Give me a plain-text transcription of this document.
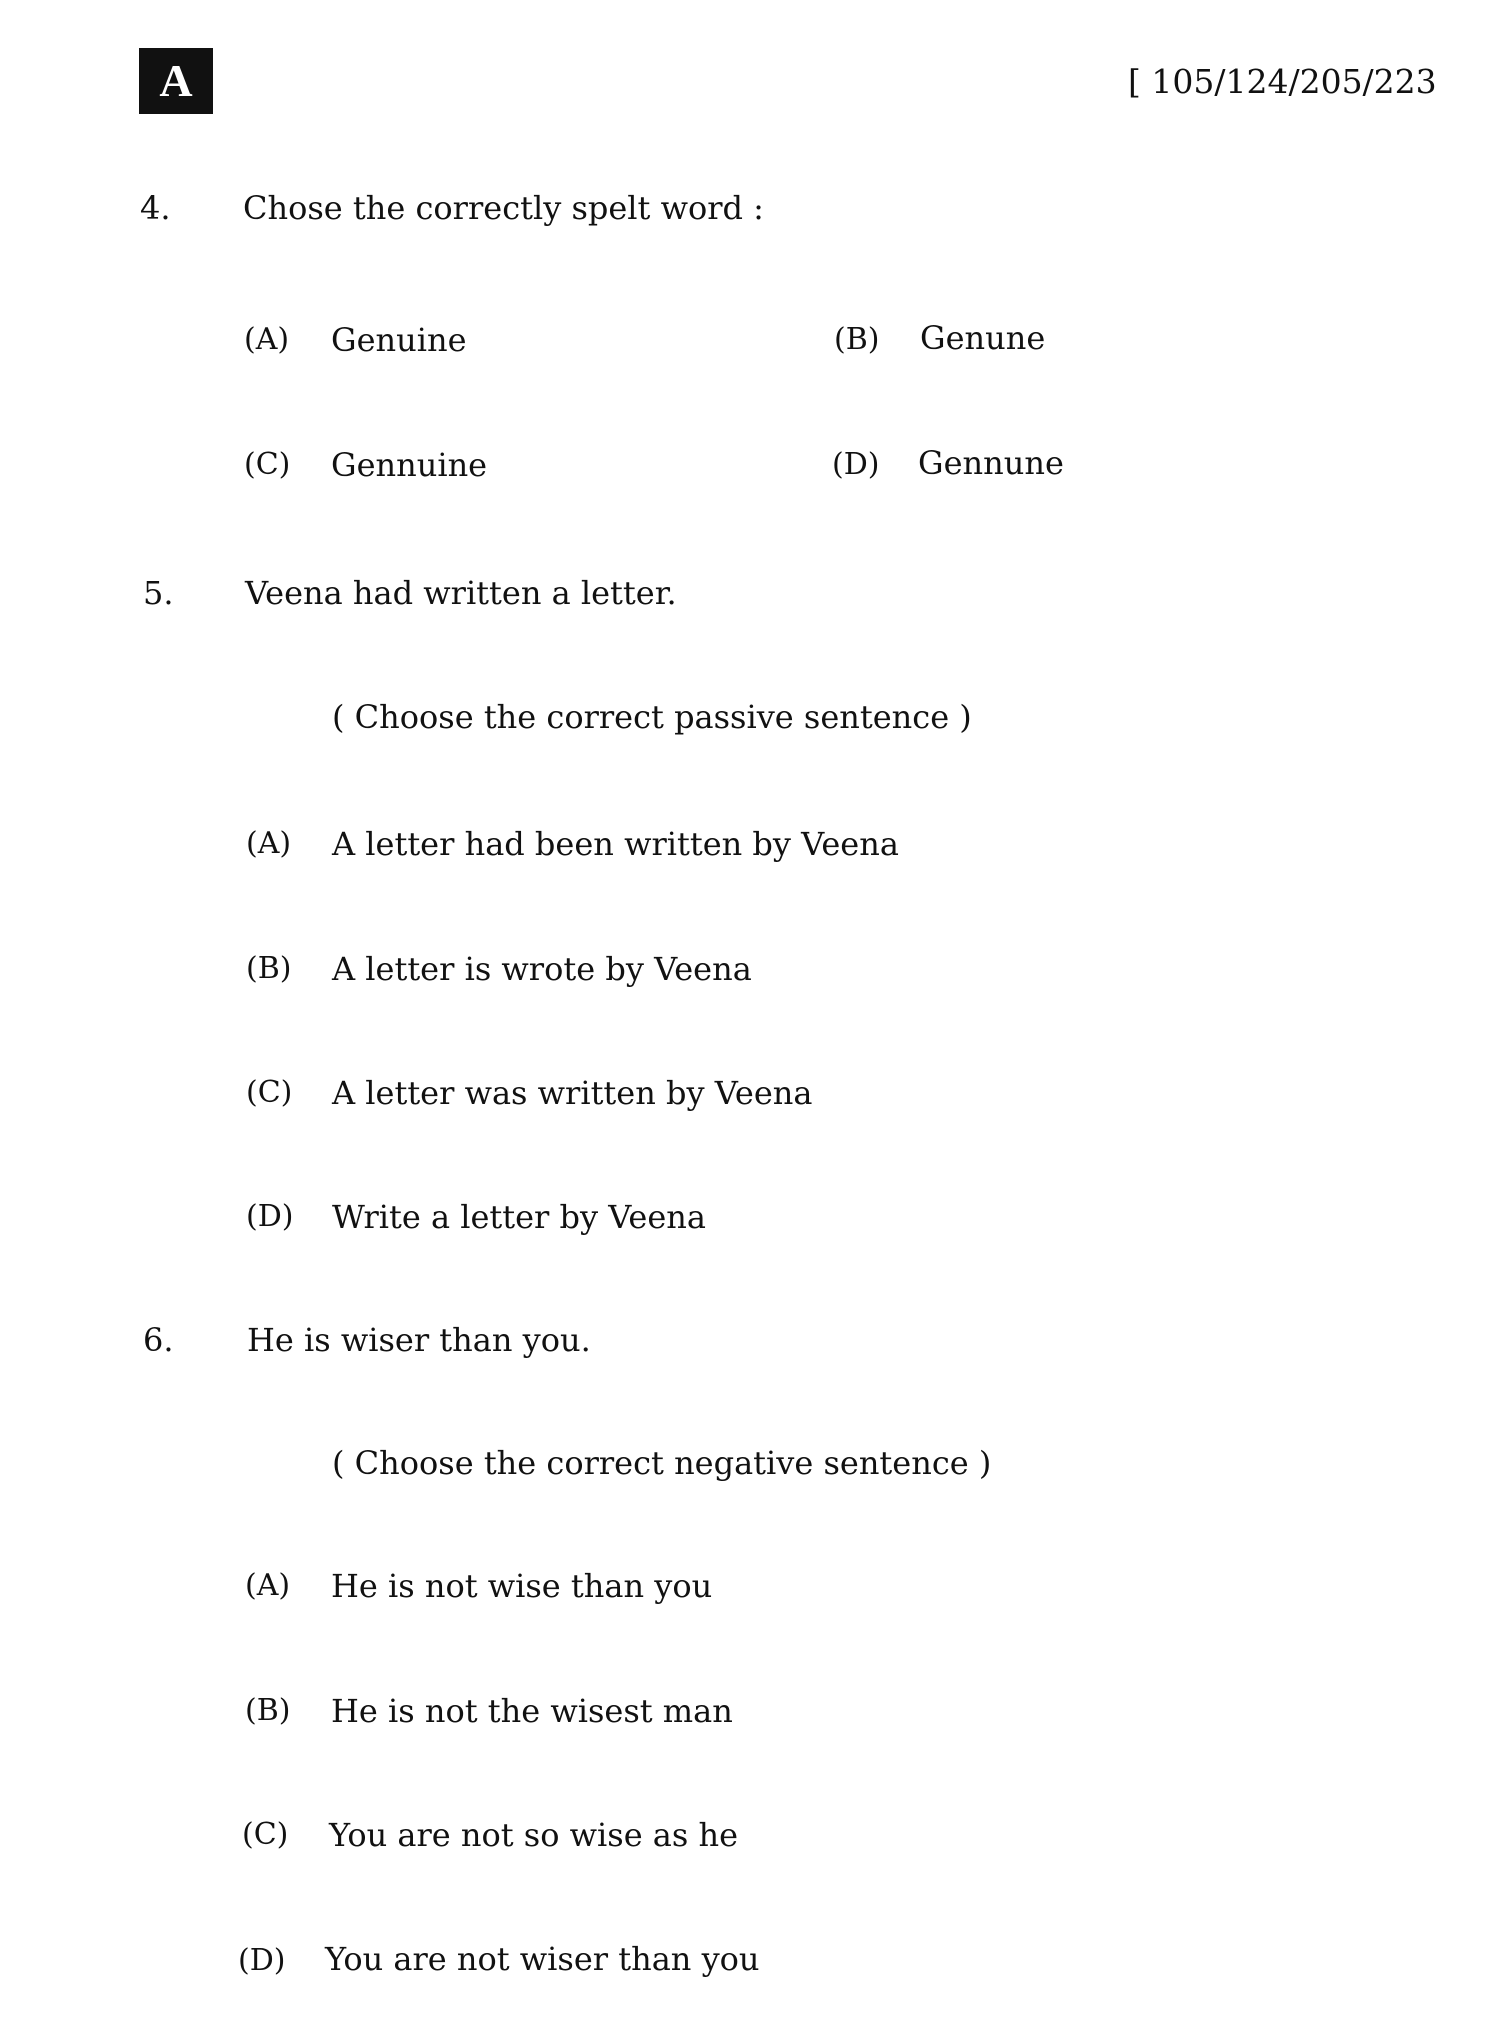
A	[ 105/124/205/223
4. Chose the correctly spelt word :
(A) Genuine	(B) Genune
(C) Gennuine	(D) Gennune
5. Veena had written a letter.
( Choose the correct passive sentence )
(A) A letter had been written by Veena
(B) A letter is wrote by Veena
(C) A letter was written by Veena
(D) Write a letter by Veena
6. He is wiser than you.
( Choose the correct negative sentence )
(A) He is not wise than you
(B) He is not the wisest man
(C) You are not so wise as he
(D) You are not wiser than you
